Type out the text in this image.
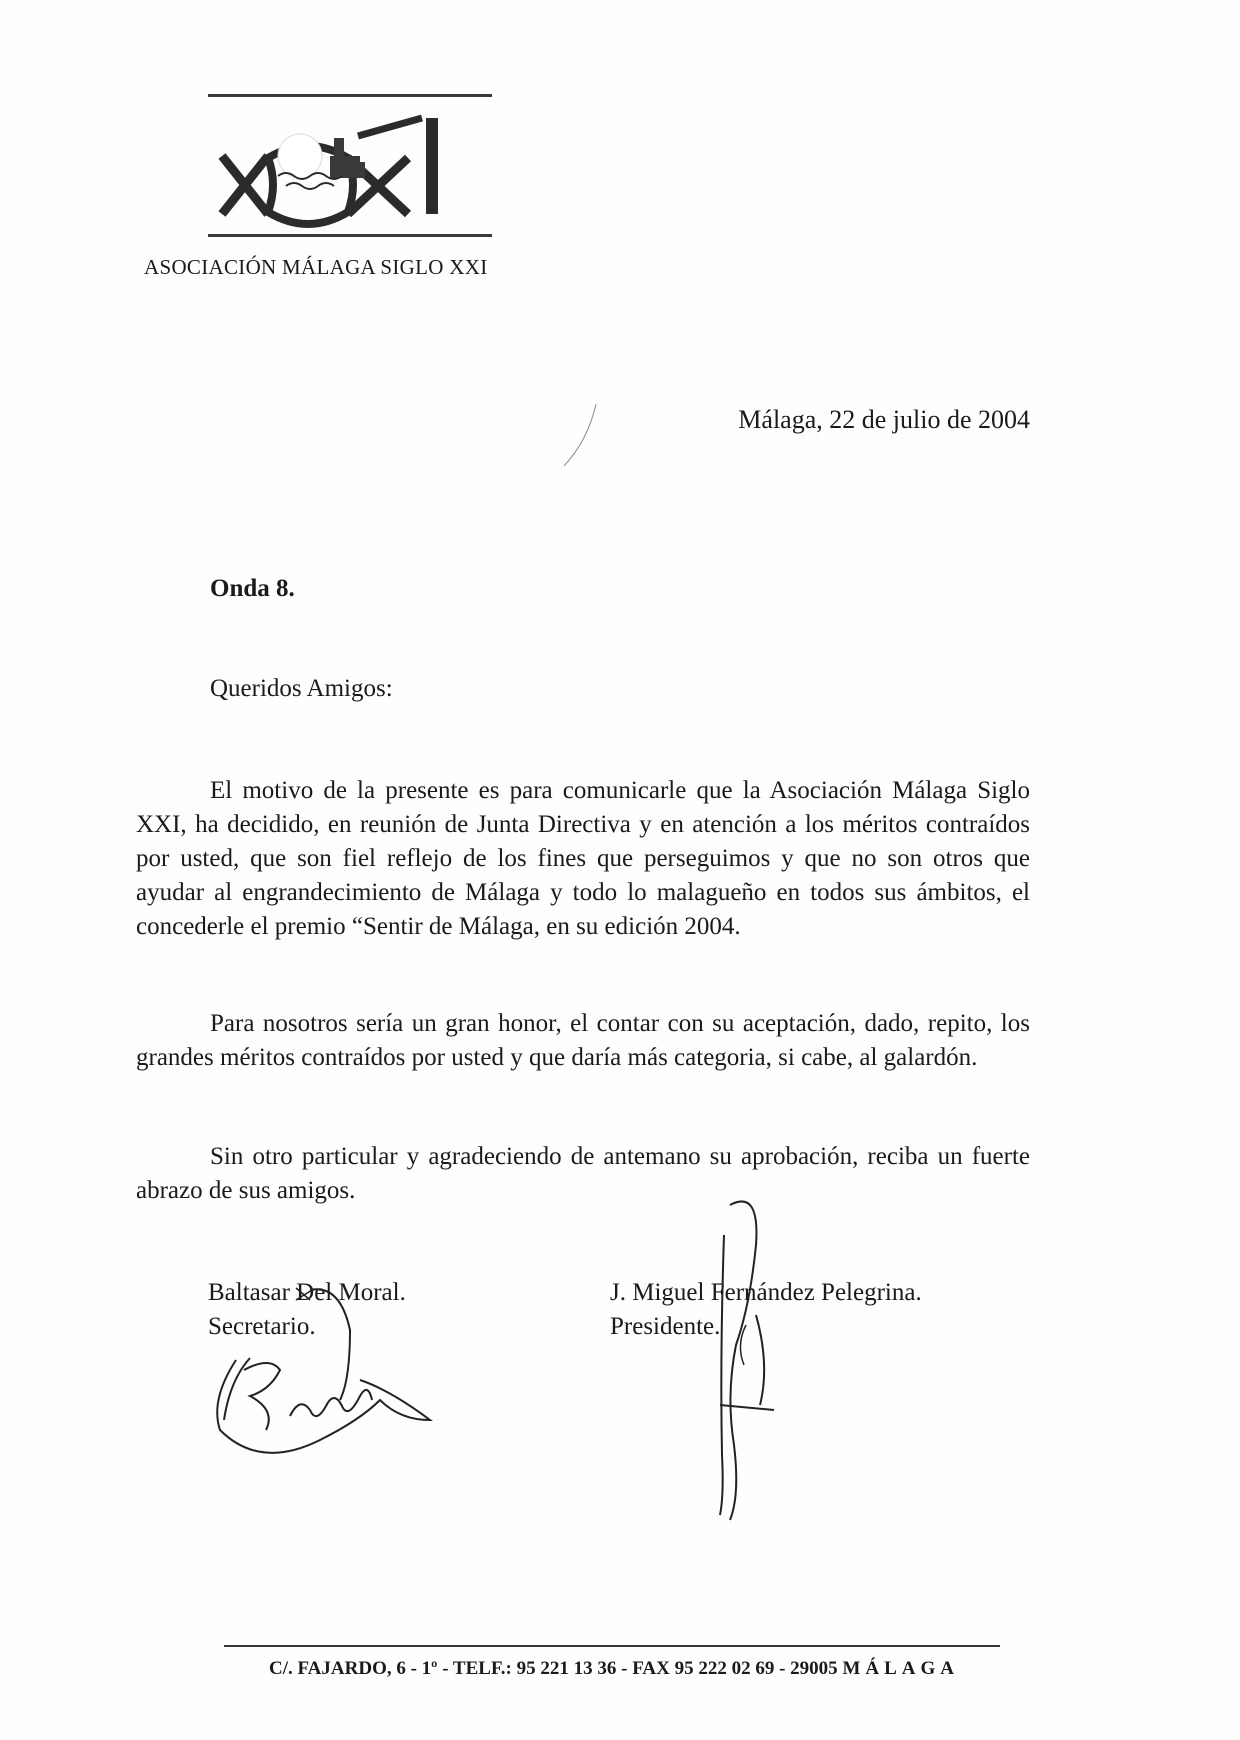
ASOCIACIÓN MÁLAGA SIGLO XXI
Málaga, 22 de julio de 2004
Onda 8.
Queridos Amigos:

El motivo de la presente es para comunicarle que la Asociación Málaga Siglo XXI, ha decidido, en reunión de Junta Directiva y en atención a los méritos contraídos por usted, que son fiel reflejo de los fines que perseguimos y que no son otros que ayudar al engrandecimiento de Málaga y todo lo malagueño en todos sus ámbitos, el concederle el premio “Sentir de Málaga, en su edición 2004.

Para nosotros sería un gran honor, el contar con su aceptación, dado, repito, los grandes méritos contraídos por usted y que daría más categoria, si cabe, al galardón.

Sin otro particular y agradeciendo de antemano su aprobación, reciba un fuerte abrazo de sus amigos.

Baltasar Del Moral.
Secretario.
J. Miguel Fernández Pelegrina.
Presidente.
C/. FAJARDO, 6 - 1º - TELF.: 95 221 13 36 - FAX 95 222 02 69 - 29005 MÁLAGA
